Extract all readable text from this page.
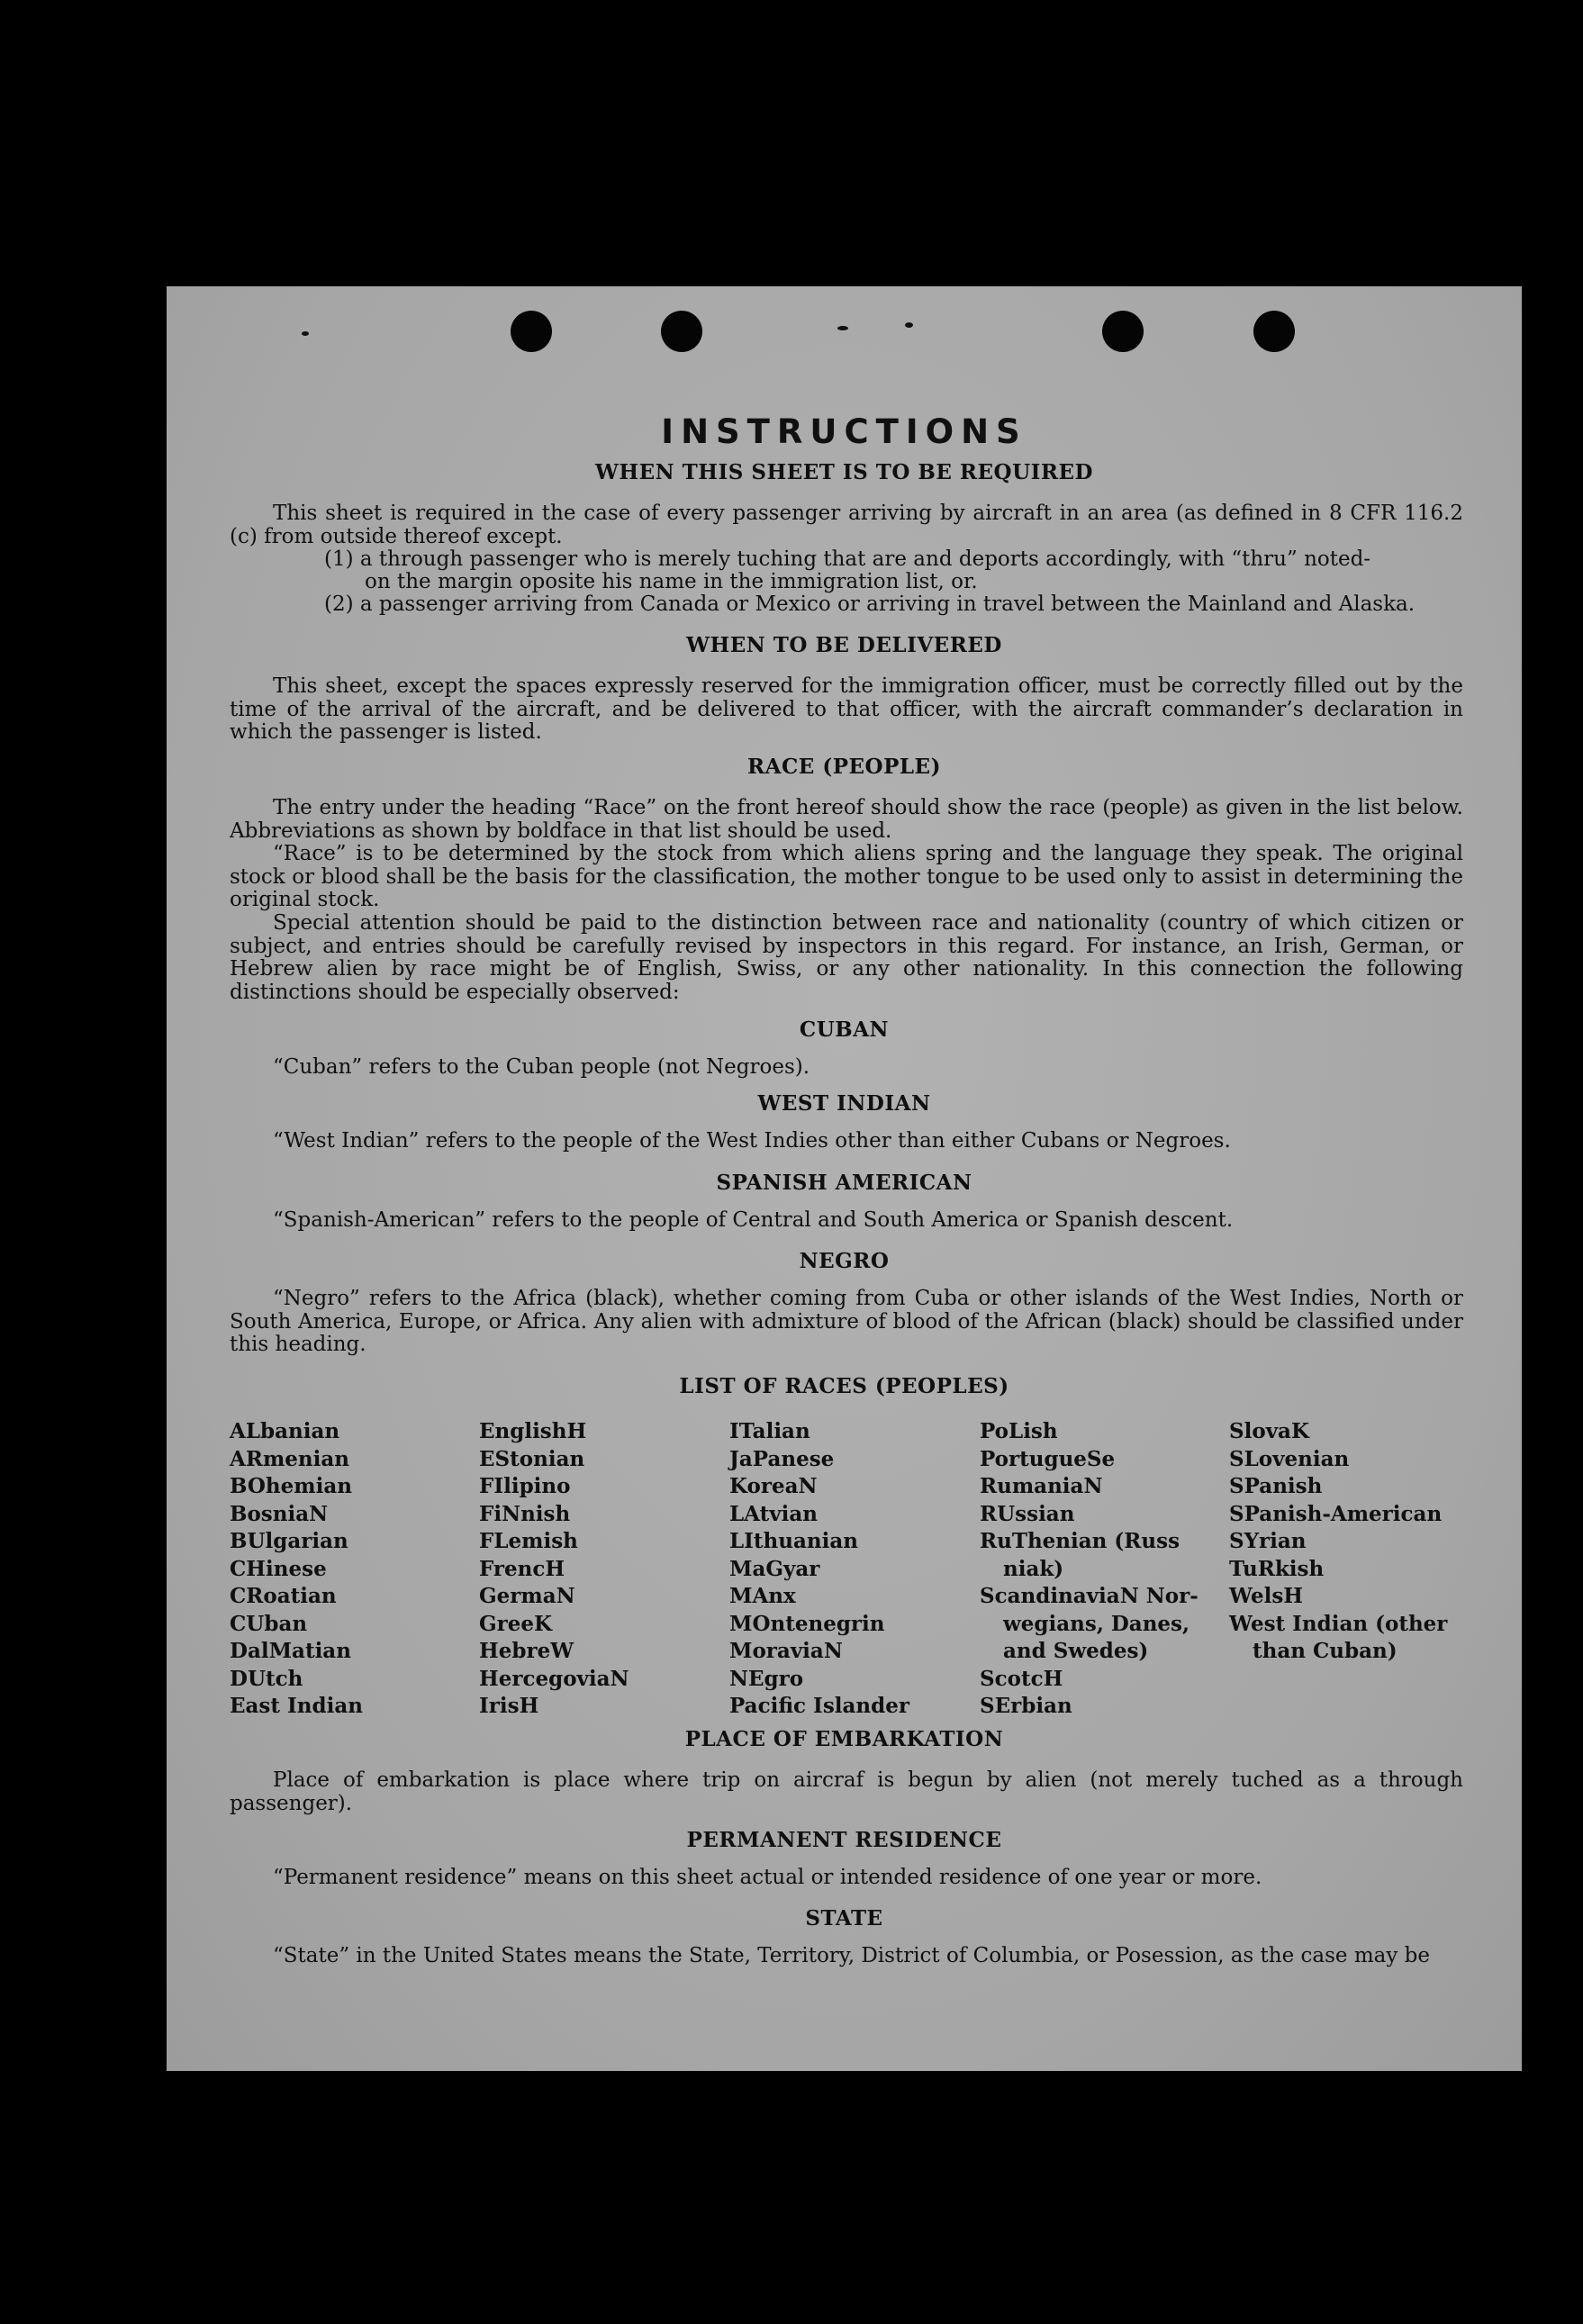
INSTRUCTIONS
WHEN THIS SHEET IS TO BE REQUIRED
This sheet is required in the case of every passenger arriving by aircraft in an area (as defined in 8 CFR 116.2 (c) from outside thereof except.
(1) a through passenger who is merely tuching that are and deports accordingly, with “thru” noted-
on the margin oposite his name in the immigration list, or.
(2) a passenger arriving from Canada or Mexico or arriving in travel between the Mainland and Alaska.
WHEN TO BE DELIVERED
This sheet, except the spaces expressly reserved for the immigration officer, must be correctly filled out by the time of the arrival of the aircraft, and be delivered to that officer, with the aircraft commander’s declaration in which the passenger is listed.
RACE (PEOPLE)
The entry under the heading “Race” on the front hereof should show the race (people) as given in the list below. Abbreviations as shown by boldface in that list should be used.
“Race” is to be determined by the stock from which aliens spring and the language they speak. The original stock or blood shall be the basis for the classification, the mother tongue to be used only to assist in determining the original stock.
Special attention should be paid to the distinction between race and nationality (country of which citizen or subject, and entries should be carefully revised by inspectors in this regard. For instance, an Irish, German, or Hebrew alien by race might be of English, Swiss, or any other nationality. In this connection the following distinctions should be especially observed:
CUBAN
“Cuban” refers to the Cuban people (not Negroes).
WEST INDIAN
“West Indian” refers to the people of the West Indies other than either Cubans or Negroes.
SPANISH AMERICAN
“Spanish-American” refers to the people of Central and South America or Spanish descent.
NEGRO
“Negro” refers to the Africa (black), whether coming from Cuba or other islands of the West Indies, North or South America, Europe, or Africa. Any alien with admixture of blood of the African (black) should be classified under this heading.
LIST OF RACES (PEOPLES)
ALbanian
ARmenian
BOhemian
BosniaN
BUlgarian
CHinese
CRoatian
CUban
DalMatian
DUtch
East Indian
EnglishH
EStonian
FIlipino
FiNnish
FLemish
FrencH
GermaN
GreeK
HebreW
HercegoviaN
IrisH
ITalian
JaPanese
KoreaN
LAtvian
LIthuanian
MaGyar
MAnx
MOntenegrin
MoraviaN
NEgro
Pacific Islander
PoLish
PortugueSe
RumaniaN
RUssian
RuThenian (Russ
niak)
ScandinaviaN Nor-
wegians, Danes,
and Swedes)
ScotcH
SErbian
SlovaK
SLovenian
SPanish
SPanish-American
SYrian
TuRkish
WelsH
West Indian (other
than Cuban)
PLACE OF EMBARKATION
Place of embarkation is place where trip on aircraf is begun by alien (not merely tuched as a through passenger).
PERMANENT RESIDENCE
“Permanent residence” means on this sheet actual or intended residence of one year or more.
STATE
“State” in the United States means the State, Territory, District of Columbia, or Posession, as the case may be
